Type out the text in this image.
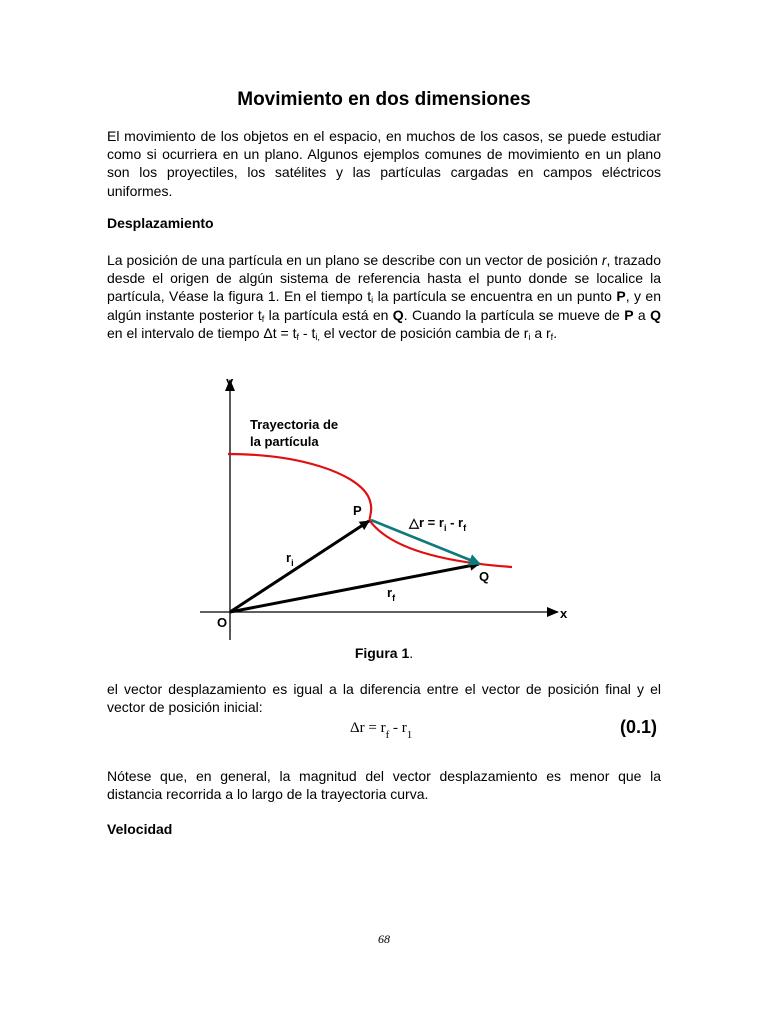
Movimiento en dos dimensiones

El movimiento de los objetos en el espacio, en muchos de los casos, se puede estudiar como si ocurriera en un plano. Algunos ejemplos comunes de movimiento en un plano son los proyectiles, los satélites y las partículas cargadas en campos eléctricos uniformes.

Desplazamiento

La posición de una partícula en un plano se describe con un vector de posición r, trazado desde el origen de algún sistema de referencia hasta el punto donde se localice la partícula, Véase la figura 1. En el tiempo $t_i$ la partícula se encuentra en un punto P, y en algún instante posterior $t_f$ la partícula está en Q. Cuando la partícula se mueve de P a Q en el intervalo de tiempo $\Delta t = t_f - t_{i,}$ el vector de posición cambia de $r_i$ a $r_f$.

y
x
O
Trayectoria de
la partícula
P
Q
$r_i$
$r_f$
△r = $r_i - r_f$
Figura 1.

el vector desplazamiento es igual a la diferencia entre el vector de posición final y el vector de posición inicial:

$\Delta r = r_f - r_1$	(0.1)

Nótese que, en general, la magnitud del vector desplazamiento es menor que la distancia recorrida a lo largo de la trayectoria curva.

Velocidad

68
